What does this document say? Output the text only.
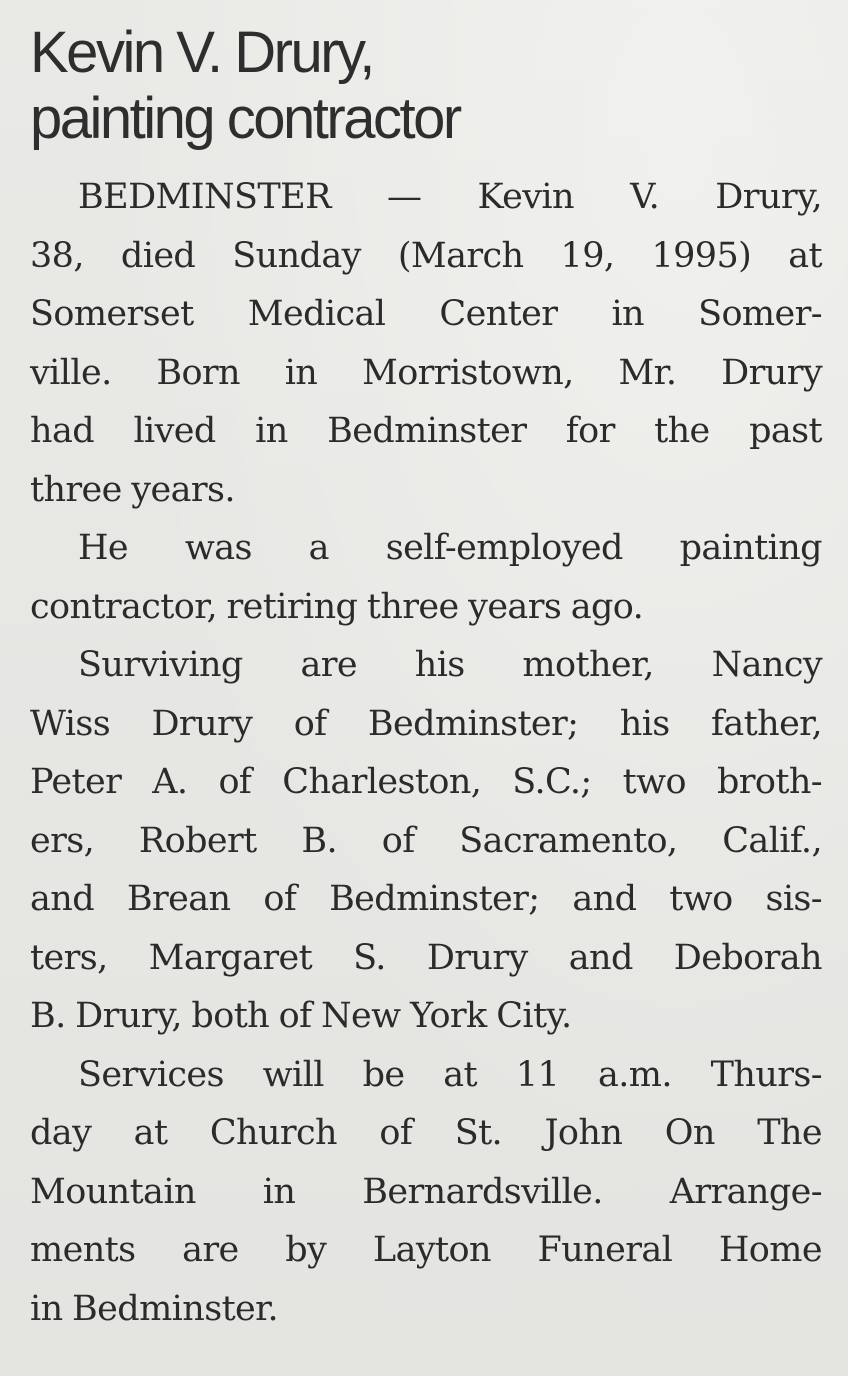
Kevin V. Drury,
painting contractor

BEDMINSTER — Kevin V. Drury,
38, died Sunday (March 19, 1995) at
Somerset Medical Center in Somer-
ville. Born in Morristown, Mr. Drury
had lived in Bedminster for the past
three years.

He was a self-employed painting
contractor, retiring three years ago.

Surviving are his mother, Nancy
Wiss Drury of Bedminster; his father,
Peter A. of Charleston, S.C.; two broth-
ers, Robert B. of Sacramento, Calif.,
and Brean of Bedminster; and two sis-
ters, Margaret S. Drury and Deborah
B. Drury, both of New York City.

Services will be at 11 a.m. Thurs-
day at Church of St. John On The
Mountain in Bernardsville. Arrange-
ments are by Layton Funeral Home
in Bedminster.
